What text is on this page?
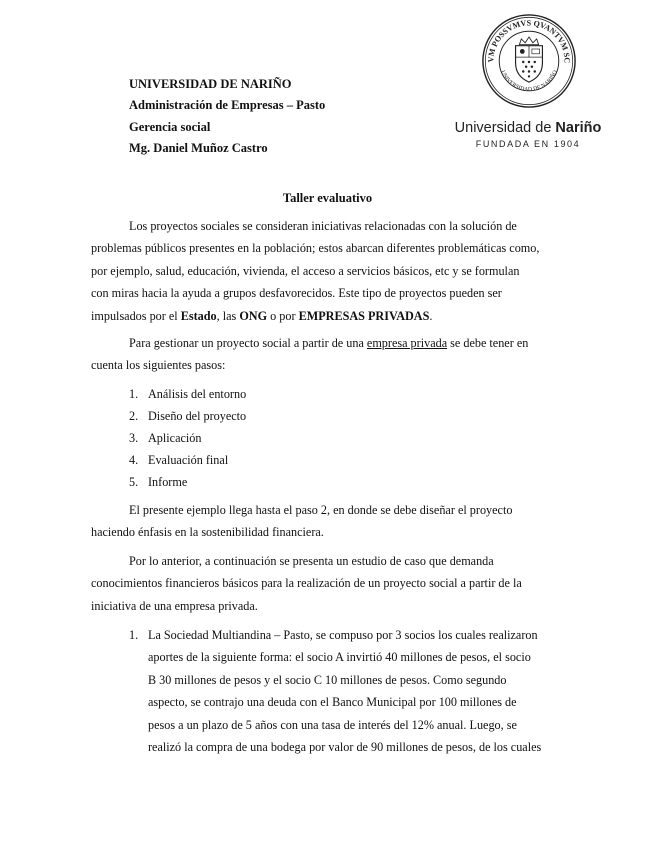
UNIVERSIDAD DE NARIÑO
Administración de Empresas – Pasto
Gerencia social
Mg. Daniel Muñoz Castro
VM POSSVMVS QVANTVM SC
UNIVERSIDAD DE NARIÑO
Universidad de Nariño
FUNDADA EN 1904
Taller evaluativo
Los proyectos sociales se consideran iniciativas relacionadas con la solución de
problemas públicos presentes en la población; estos abarcan diferentes problemáticas como,
por ejemplo, salud, educación, vivienda, el acceso a servicios básicos, etc y se formulan
con miras hacia la ayuda a grupos desfavorecidos. Este tipo de proyectos pueden ser
impulsados por el Estado, las ONG o por EMPRESAS PRIVADAS.
Para gestionar un proyecto social a partir de una empresa privada se debe tener en
cuenta los siguientes pasos:
1. Análisis del entorno
2. Diseño del proyecto
3. Aplicación
4. Evaluación final
5. Informe
El presente ejemplo llega hasta el paso 2, en donde se debe diseñar el proyecto
haciendo énfasis en la sostenibilidad financiera.
Por lo anterior, a continuación se presenta un estudio de caso que demanda
conocimientos financieros básicos para la realización de un proyecto social a partir de la
iniciativa de una empresa privada.
1. La Sociedad Multiandina – Pasto, se compuso por 3 socios los cuales realizaron
aportes de la siguiente forma: el socio A invirtió 40 millones de pesos, el socio
B 30 millones de pesos y el socio C 10 millones de pesos. Como segundo
aspecto, se contrajo una deuda con el Banco Municipal por 100 millones de
pesos a un plazo de 5 años con una tasa de interés del 12% anual. Luego, se
realizó la compra de una bodega por valor de 90 millones de pesos, de los cuales
